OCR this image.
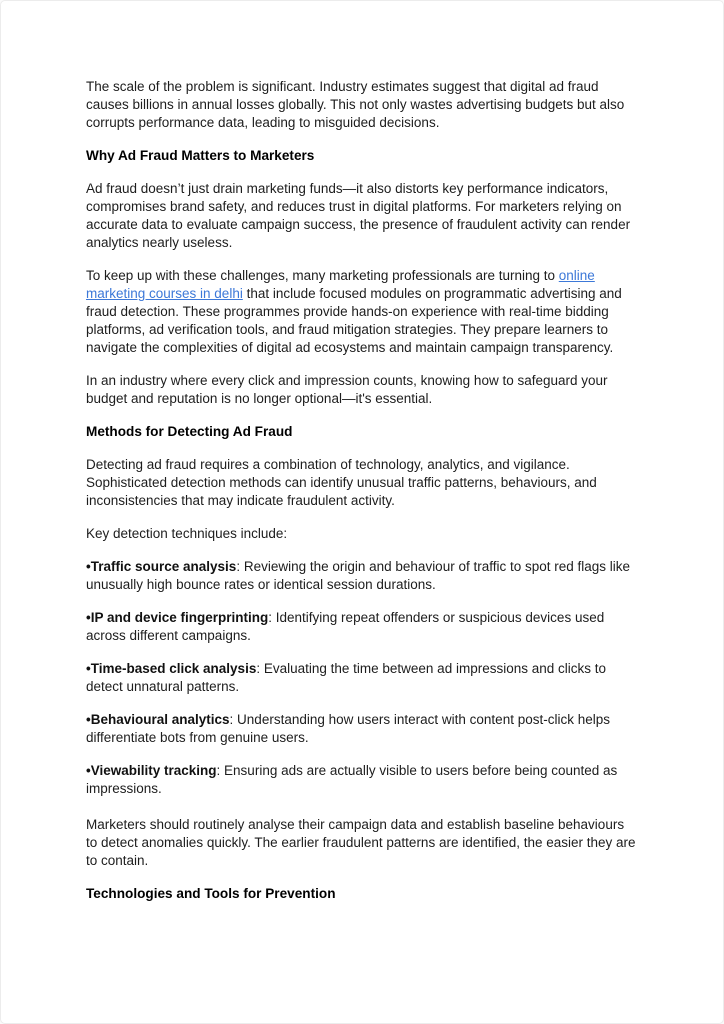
The scale of the problem is significant. Industry estimates suggest that digital ad fraud causes billions in annual losses globally. This not only wastes advertising budgets but also corrupts performance data, leading to misguided decisions.

Why Ad Fraud Matters to Marketers

Ad fraud doesn’t just drain marketing funds—it also distorts key performance indicators, compromises brand safety, and reduces trust in digital platforms. For marketers relying on accurate data to evaluate campaign success, the presence of fraudulent activity can render analytics nearly useless.

To keep up with these challenges, many marketing professionals are turning to online marketing courses in delhi that include focused modules on programmatic advertising and fraud detection. These programmes provide hands-on experience with real-time bidding platforms, ad verification tools, and fraud mitigation strategies. They prepare learners to navigate the complexities of digital ad ecosystems and maintain campaign transparency.

In an industry where every click and impression counts, knowing how to safeguard your budget and reputation is no longer optional—it's essential.

Methods for Detecting Ad Fraud

Detecting ad fraud requires a combination of technology, analytics, and vigilance. Sophisticated detection methods can identify unusual traffic patterns, behaviours, and inconsistencies that may indicate fraudulent activity.

Key detection techniques include:

•Traffic source analysis: Reviewing the origin and behaviour of traffic to spot red flags like unusually high bounce rates or identical session durations.

•IP and device fingerprinting: Identifying repeat offenders or suspicious devices used across different campaigns.

•Time-based click analysis: Evaluating the time between ad impressions and clicks to detect unnatural patterns.

•Behavioural analytics: Understanding how users interact with content post-click helps differentiate bots from genuine users.

•Viewability tracking: Ensuring ads are actually visible to users before being counted as impressions.

Marketers should routinely analyse their campaign data and establish baseline behaviours to detect anomalies quickly. The earlier fraudulent patterns are identified, the easier they are to contain.

Technologies and Tools for Prevention
